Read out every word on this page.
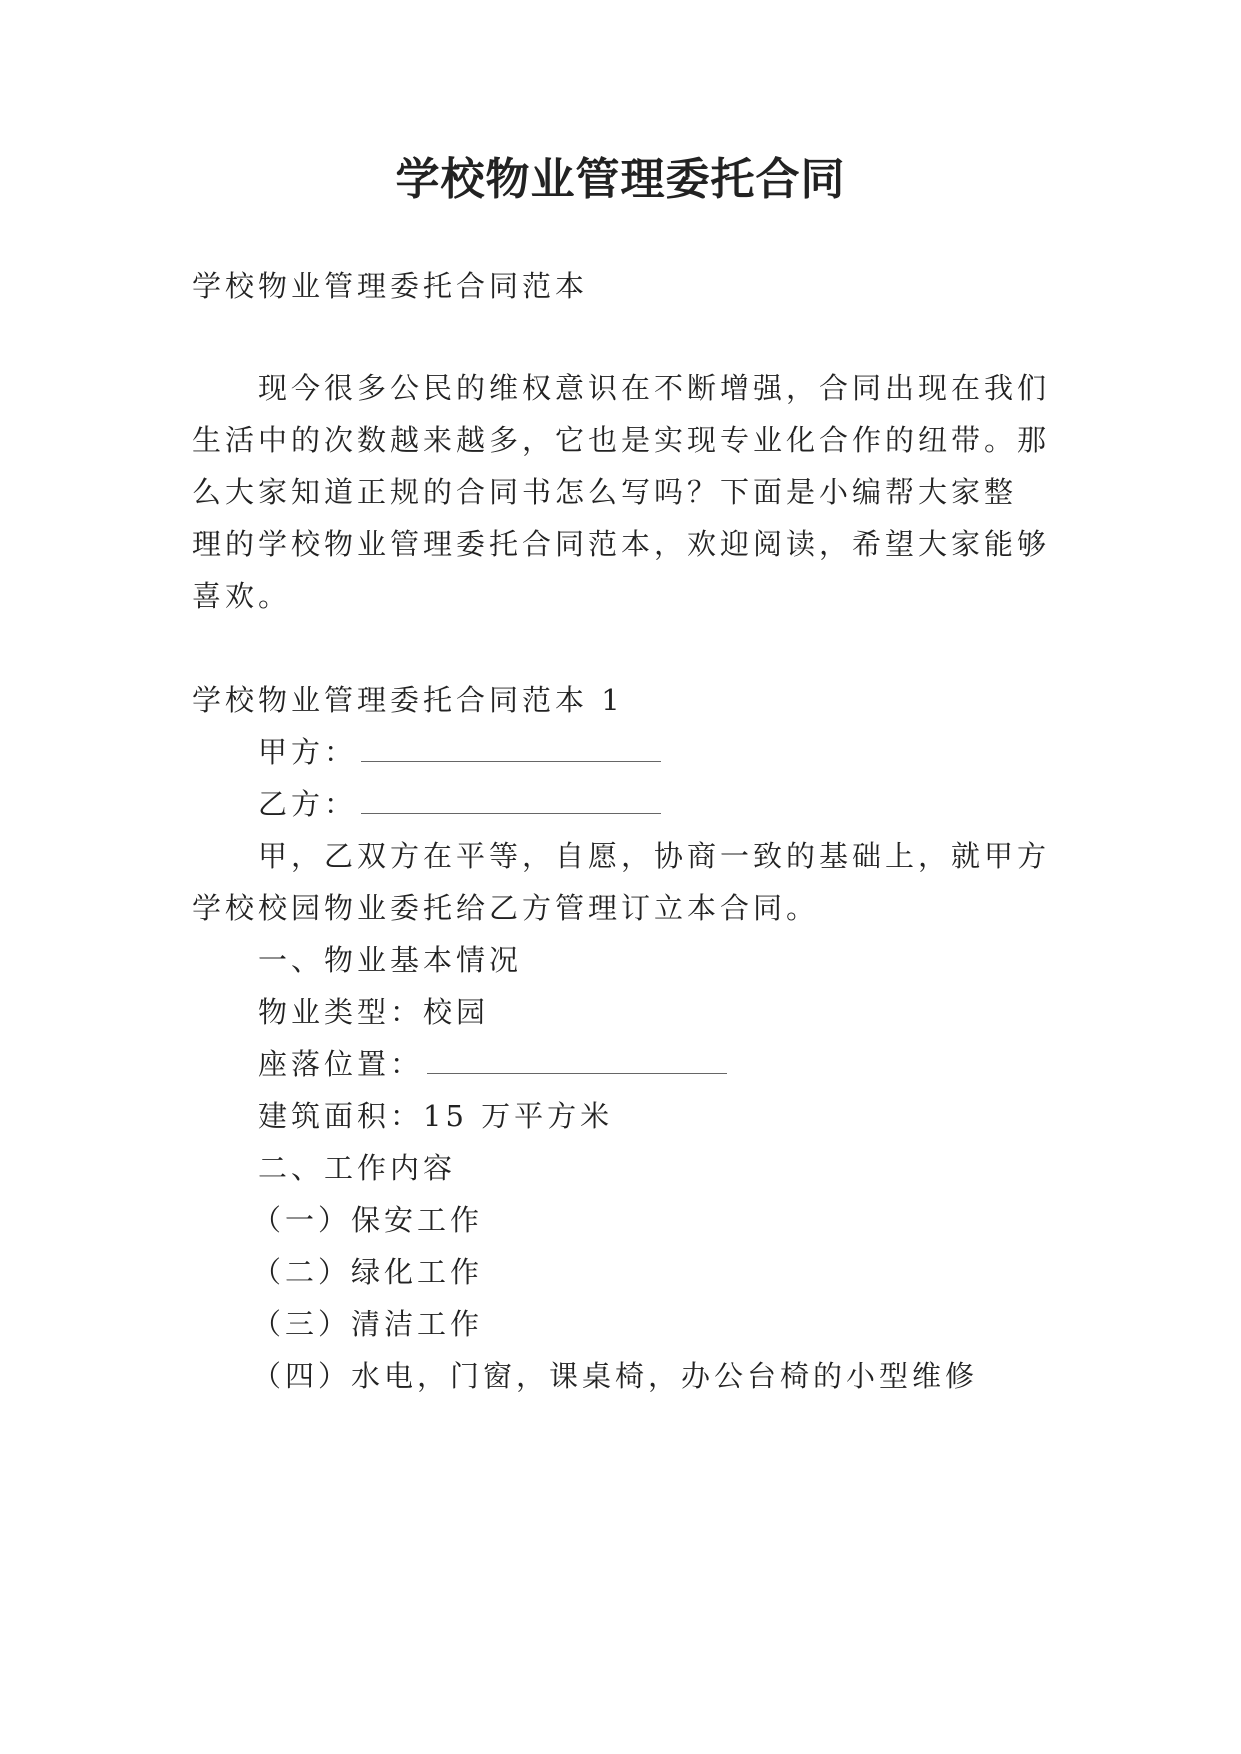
学校物业管理委托合同
学校物业管理委托合同范本
现今很多公民的维权意识在不断增强，合同出现在我们
生活中的次数越来越多，它也是实现专业化合作的纽带。那
么大家知道正规的合同书怎么写吗？下面是小编帮大家整
理的学校物业管理委托合同范本，欢迎阅读，希望大家能够
喜欢。
学校物业管理委托合同范本 1
甲方：
乙方：
甲，乙双方在平等，自愿，协商一致的基础上，就甲方
学校校园物业委托给乙方管理订立本合同。
一、物业基本情况
物业类型：校园
座落位置：
建筑面积：15 万平方米
二、工作内容
（一）保安工作
（二）绿化工作
（三）清洁工作
（四）水电，门窗，课桌椅，办公台椅的小型维修
